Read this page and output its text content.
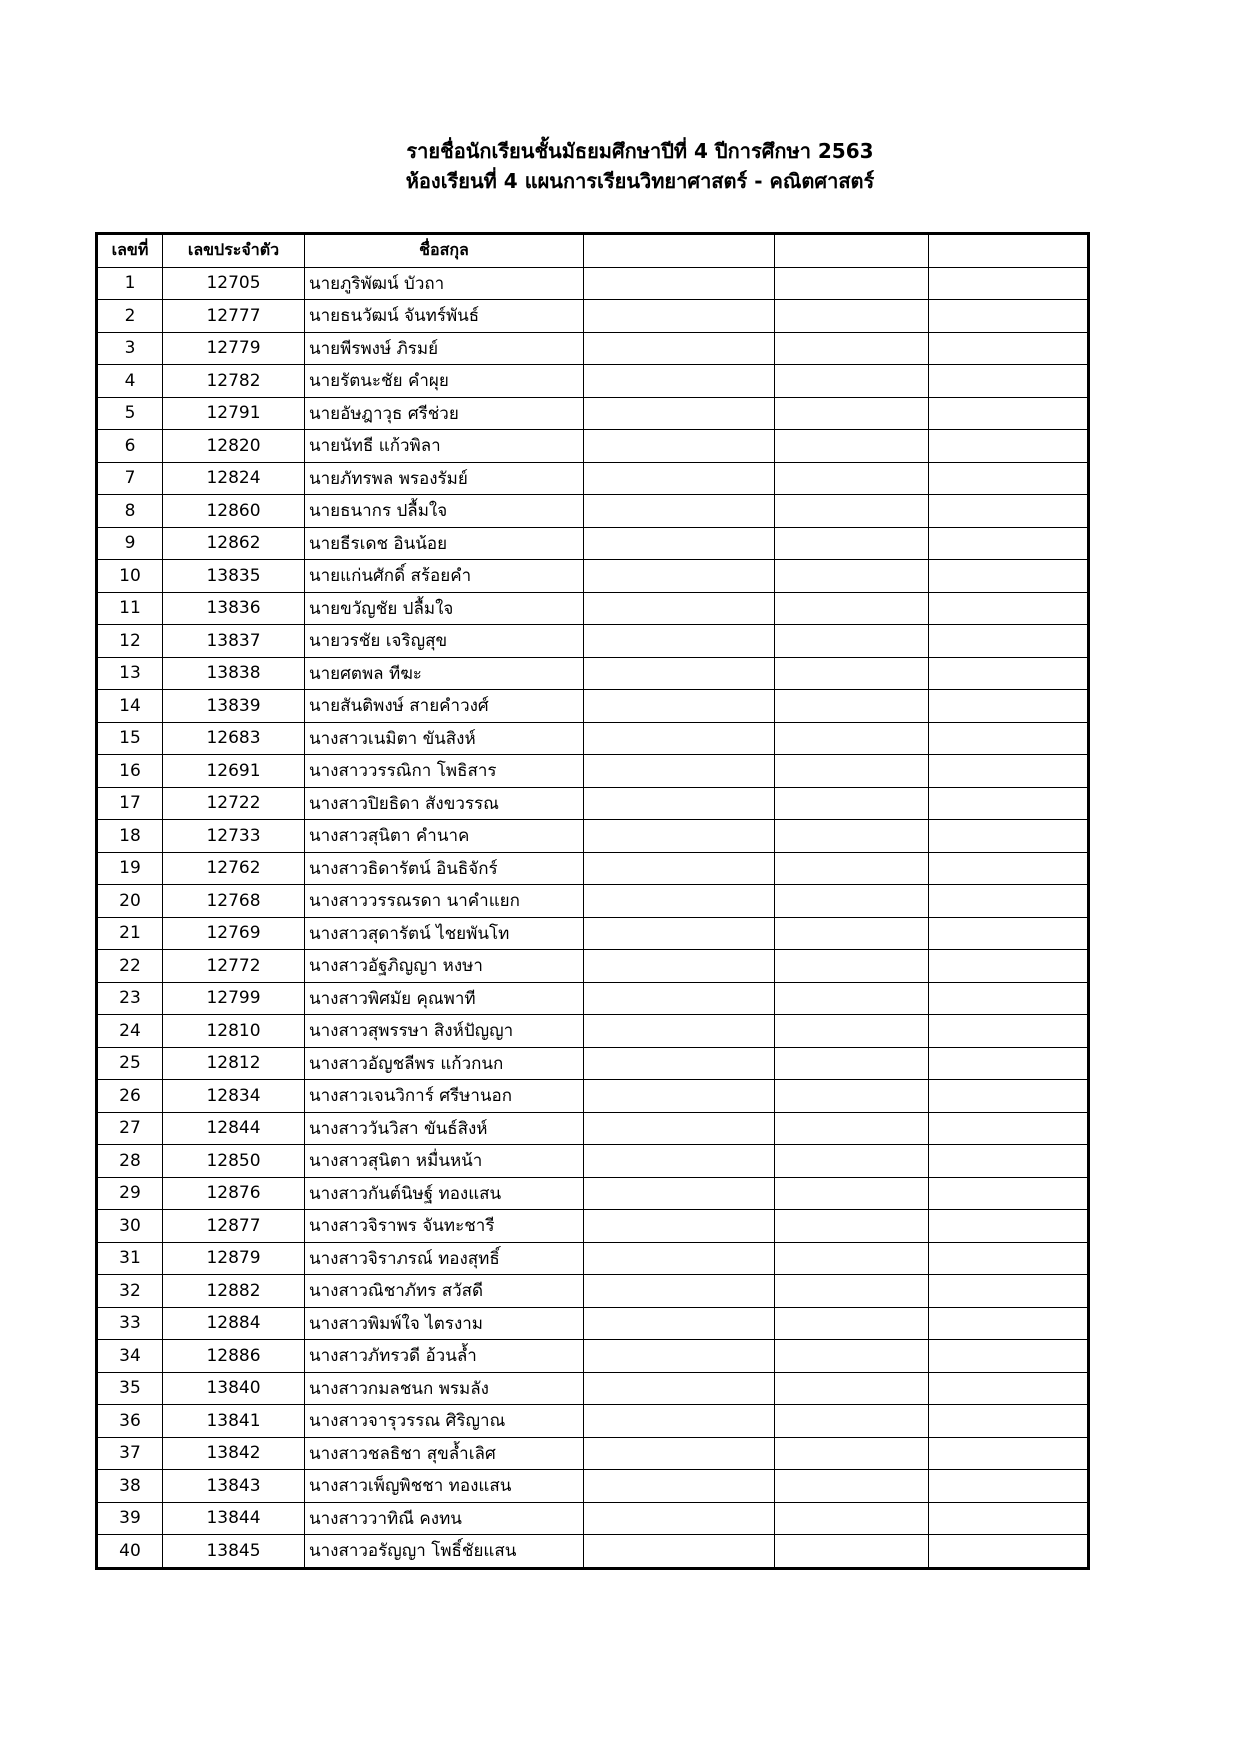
รายชื่อนักเรียนชั้นมัธยมศึกษาปีที่ 4 ปีการศึกษา 2563
ห้องเรียนที่ 4 แผนการเรียนวิทยาศาสตร์ - คณิตศาสตร์
เลขที่	เลขประจำตัว	ชื่อสกุล			
1	12705	นายภูริพัฒน์ บัวถา			
2	12777	นายธนวัฒน์ จันทร์พันธ์			
3	12779	นายพีรพงษ์ ภิรมย์			
4	12782	นายรัตนะชัย คำผุย			
5	12791	นายอัษฎาวุธ ศรีช่วย			
6	12820	นายนัทธี แก้วพิลา			
7	12824	นายภัทรพล พรองรัมย์			
8	12860	นายธนากร ปลื้มใจ			
9	12862	นายธีรเดช อินน้อย			
10	13835	นายแก่นศักดิ์ สร้อยคำ			
11	13836	นายขวัญชัย ปลื้มใจ			
12	13837	นายวรชัย เจริญสุข			
13	13838	นายศตพล ทีฆะ			
14	13839	นายสันติพงษ์ สายคำวงศ์			
15	12683	นางสาวเนมิตา ขันสิงห์			
16	12691	นางสาววรรณิกา โพธิสาร			
17	12722	นางสาวปิยธิดา สังขวรรณ			
18	12733	นางสาวสุนิตา คำนาค			
19	12762	นางสาวธิดารัตน์ อินธิจักร์			
20	12768	นางสาววรรณรดา นาคำแยก			
21	12769	นางสาวสุดารัตน์ ไชยพันโท			
22	12772	นางสาวอัฐภิญญา หงษา			
23	12799	นางสาวพิศมัย คุณพาที			
24	12810	นางสาวสุพรรษา สิงห์ปัญญา			
25	12812	นางสาวอัญชลีพร แก้วกนก			
26	12834	นางสาวเจนวิการ์ ศรีษานอก			
27	12844	นางสาววันวิสา ขันธ์สิงห์			
28	12850	นางสาวสุนิตา หมื่นหน้า			
29	12876	นางสาวกันต์นิษฐ์ ทองแสน			
30	12877	นางสาวจิราพร จันทะชารี			
31	12879	นางสาวจิราภรณ์ ทองสุทธิ์			
32	12882	นางสาวณิชาภัทร สวัสดี			
33	12884	นางสาวพิมพ์ใจ ไตรงาม			
34	12886	นางสาวภัทรวดี อ้วนล้ำ			
35	13840	นางสาวกมลชนก พรมลัง			
36	13841	นางสาวจารุวรรณ ศิริญาณ			
37	13842	นางสาวชลธิชา สุขล้ำเลิศ			
38	13843	นางสาวเพ็ญพิชชา ทองแสน			
39	13844	นางสาววาทิณี คงทน			
40	13845	นางสาวอรัญญา โพธิ์ชัยแสน			
